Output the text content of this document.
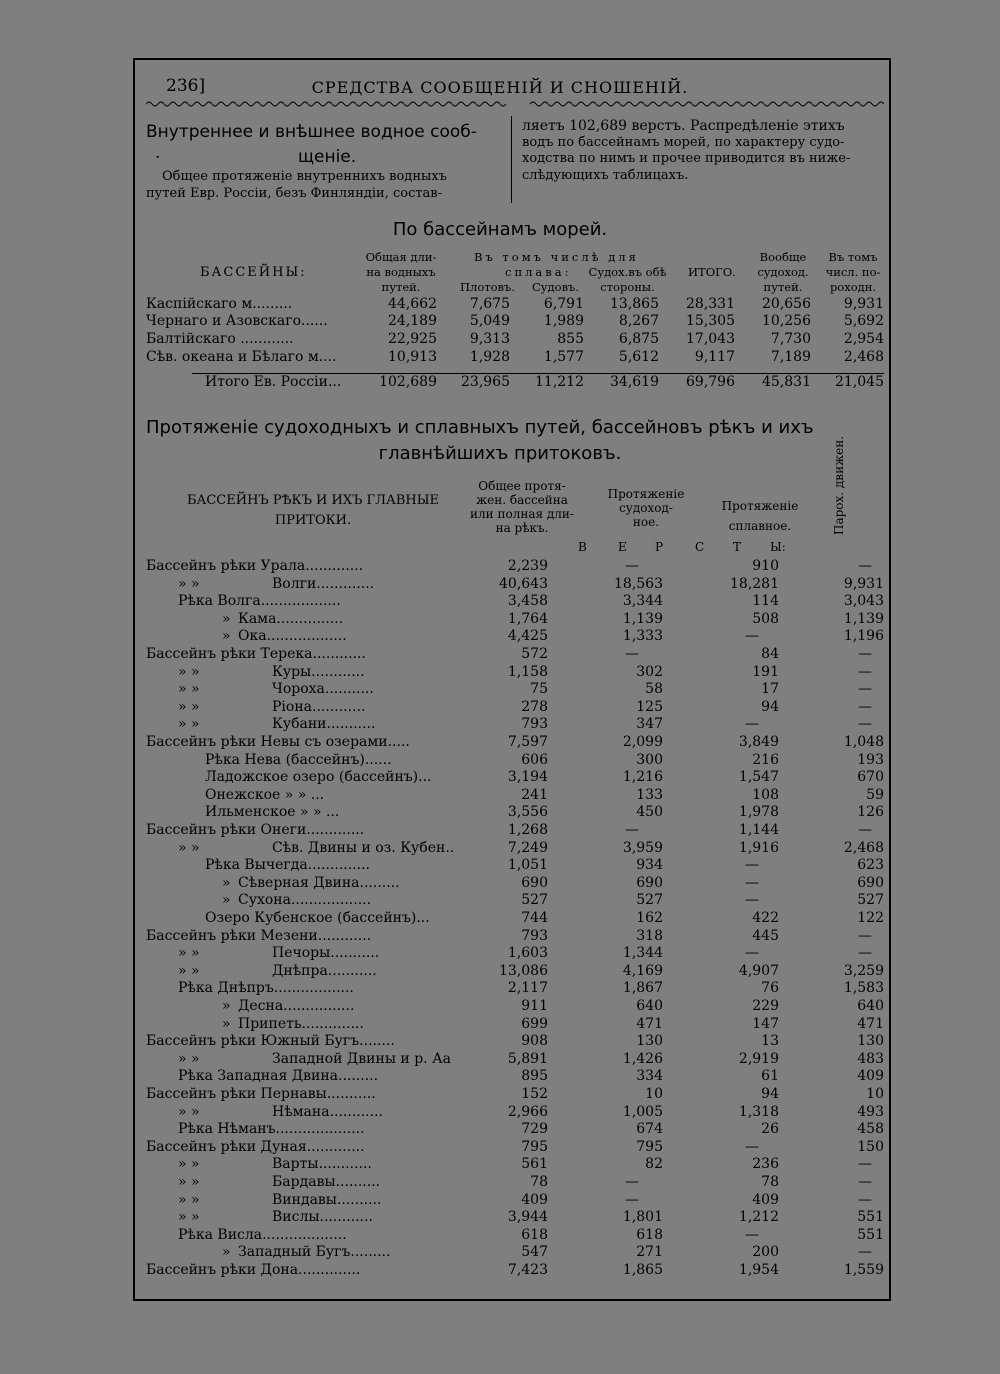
236]	СРЕДСТВА СООБЩЕНІЙ И СНОШЕНІЙ.
Внутреннее и внѣшнее водное сооб-
.	щеніе.
Общее протяженіе внутреннихъ водныхъ
путей Евр. Россіи, безъ Финляндіи, состав-
ляетъ 102,689 верстъ. Распредѣленіе этихъ
водъ по бассейнамъ морей, по характеру судо-
ходства по нимъ и прочее приводится въ ниже-
слѣдующихъ таблицахъ.
По бассейнамъ морей.
БАССЕЙНЫ:
Общая дли-
на водныхъ
путей.
Въ томъ числѣ для
сплава:
Плотовъ. Судовъ.
Судох.въ обѣ
стороны.
ИТОГО.
Вообще
судоход.
путей.
Въ томъ
числ. по-
роходн.
Каспійскаго м.........	44,662 7,675 6,791 13,865 28,331 20,656 9,931
Чернаго и Азовскаго......	24,189 5,049 1,989 8,267 15,305 10,256 5,692
Балтійскаго ............	22,925 9,313	855 6,875 17,043	7,730 2,954
Сѣв. океана и Бѣлаго м....	10,913 1,928 1,577 5,612	9,117	7,189 2,468
Итого Ев. Россіи...	102,689 23,965 11,212 34,619 69,796 45,831 21,045
Протяженіе судоходныхъ и сплавныхъ путей, бассейновъ рѣкъ и ихъ
главнѣйшихъ притоковъ.
БАССЕЙНЪ РѢКЪ И ИХЪ ГЛАВНЫЕ
ПРИТОКИ.
Общее протя-
жен. бассейна
или полная дли-
на рѣкъ.
Протяженіе
судоход-
ное.
Протяженіе
сплавное.	Парох. движен.
В	Е Р	С Т Ы:
Бассейнъ рѣки Урала.............	2,239	—	910	—
» »	Волги.............	40,643	18,563	18,281	9,931
Рѣка Волга..................	3,458	3,344	114	3,043
» Кама...............	1,764	1,139	508	1,139
» Ока..................	4,425	1,333	—	1,196
Бассейнъ рѣки Терека............	572	—	84	—
» »	Куры............	1,158	302	191	—
» »	Чороха...........	75	58	17	—
» »	Ріона............	278	125	94	—
» »	Кубани...........	793	347	—	—
Бассейнъ рѣки Невы съ озерами.....	7,597	2,099	3,849	1,048
Рѣка Нева (бассейнъ)......	606	300	216	193
Ладожское озеро (бассейнъ)...	3,194	1,216	1,547	670
Онежское » » ...	241	133	108	59
Ильменское » » ...	3,556	450	1,978	126
Бассейнъ рѣки Онеги.............	1,268	—	1,144	—
» »	Сѣв. Двины и оз. Кубен..	7,249	3,959	1,916	2,468
Рѣка Вычегда..............	1,051	934	—	623
» Сѣверная Двина.........	690	690	—	690
» Сухона..................	527	527	—	527
Озеро Кубенское (бассейнъ)...	744	162	422	122
Бассейнъ рѣки Мезени............	793	318	445	—
» »	Печоры...........	1,603	1,344	—	—
» »	Днѣпра...........	13,086	4,169	4,907	3,259
Рѣка Днѣпръ..................	2,117	1,867	76	1,583
» Десна................	911	640	229	640
» Припеть..............	699	471	147	471
Бассейнъ рѣки Южный Бугъ........	908	130	13	130
» »	Западной Двины и р. Аа	5,891	1,426	2,919	483
Рѣка Западная Двина.........	895	334	61	409
Бассейнъ рѣки Пернавы...........	152	10	94	10
» »	Нѣмана............	2,966	1,005	1,318	493
Рѣка Нѣманъ....................	729	674	26	458
Бассейнъ рѣки Дуная.............	795	795	—	150
» »	Варты............	561	82	236	—
» »	Бардавы..........	78	—	78	—
» »	Виндавы..........	409	—	409	—
» »	Вислы............	3,944	1,801	1,212	551
Рѣка Висла...................	618	618	—	551
» Западный Бугъ.........	547	271	200	—
Бассейнъ рѣки Дона..............	7,423	1,865	1,954	1,559
